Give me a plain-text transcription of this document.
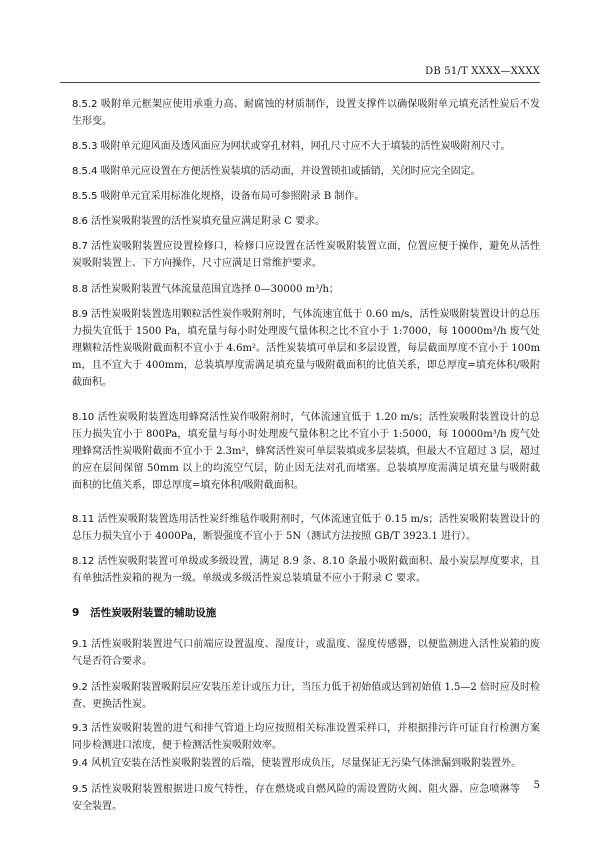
DB 51/T XXXX—XXXX
8.5.2 吸附单元框架应使用承重力高、耐腐蚀的材质制作，设置支撑件以确保吸附单元填充活性炭后不发生形变。
8.5.3 吸附单元迎风面及透风面应为网状或穿孔材料，网孔尺寸应不大于填装的活性炭吸附剂尺寸。
8.5.4 吸附单元应设置在方便活性炭装填的活动面，并设置锁扣或插销，关闭时应完全固定。
8.5.5 吸附单元宜采用标准化规格，设备布局可参照附录 B 制作。
8.6 活性炭吸附装置的活性炭填充量应满足附录 C 要求。
8.7 活性炭吸附装置应设置检修口，检修口应设置在活性炭吸附装置立面，位置应便于操作，避免从活性炭吸附装置上、下方向操作，尺寸应满足日常维护要求。
8.8 活性炭吸附装置气体流量范围宜选择 0—30000 m³/h；
8.9 活性炭吸附装置选用颗粒活性炭作吸附剂时，气体流速宜低于 0.60 m/s，活性炭吸附装置设计的总压力损失宜低于 1500 Pa，填充量与每小时处理废气量体积之比不宜小于 1:7000，每 10000m³/h 废气处理颗粒活性炭吸附截面积不宜小于 4.6m²。活性炭装填可单层和多层设置，每层截面厚度不宜小于 100mm，且不宜大于 400mm，总装填厚度需满足填充量与吸附截面积的比值关系，即总厚度=填充体积/吸附截面积。
8.10 活性炭吸附装置选用蜂窝活性炭作吸附剂时，气体流速宜低于 1.20 m/s；活性炭吸附装置设计的总压力损失宜小于 800Pa，填充量与每小时处理废气量体积之比不宜小于 1:5000，每 10000m³/h 废气处理蜂窝活性炭吸附截面不宜小于 2.3m²，蜂窝活性炭可单层装填或多层装填，但最大不宜超过 3 层，超过的应在层间保留 50mm 以上的均流空气层，防止因无法对孔而堵塞。总装填厚度需满足填充量与吸附截面积的比值关系，即总厚度=填充体积/吸附截面积。
8.11 活性炭吸附装置选用活性炭纤维毡作吸附剂时，气体流速宜低于 0.15 m/s；活性炭吸附装置设计的总压力损失宜小于 4000Pa，断裂强度不宜小于 5N（测试方法按照 GB/T 3923.1 进行）。
8.12 活性炭吸附装置可单级或多级设置，满足 8.9 条、8.10 条最小吸附截面积、最小炭层厚度要求，且有单独活性炭箱的视为一级。单级或多级活性炭总装填量不应小于附录 C 要求。
9 活性炭吸附装置的辅助设施
9.1 活性炭吸附装置进气口前端应设置温度、湿度计，或温度、湿度传感器，以便监测进入活性炭箱的废气是否符合要求。
9.2 活性炭吸附装置吸附层应安装压差计或压力计，当压力低于初始值或达到初始值 1.5—2 倍时应及时检查、更换活性炭。
9.3 活性炭吸附装置的进气和排气管道上均应按照相关标准设置采样口，并根据排污许可证自行检测方案同步检测进口浓度，便于检测活性炭吸附效率。
9.4 风机宜安装在活性炭吸附装置的后端，使装置形成负压，尽量保证无污染气体泄漏到吸附装置外。
9.5 活性炭吸附装置根据进口废气特性，存在燃烧或自燃风险的需设置防火阀、阻火器、应急喷淋等安全装置。
5
